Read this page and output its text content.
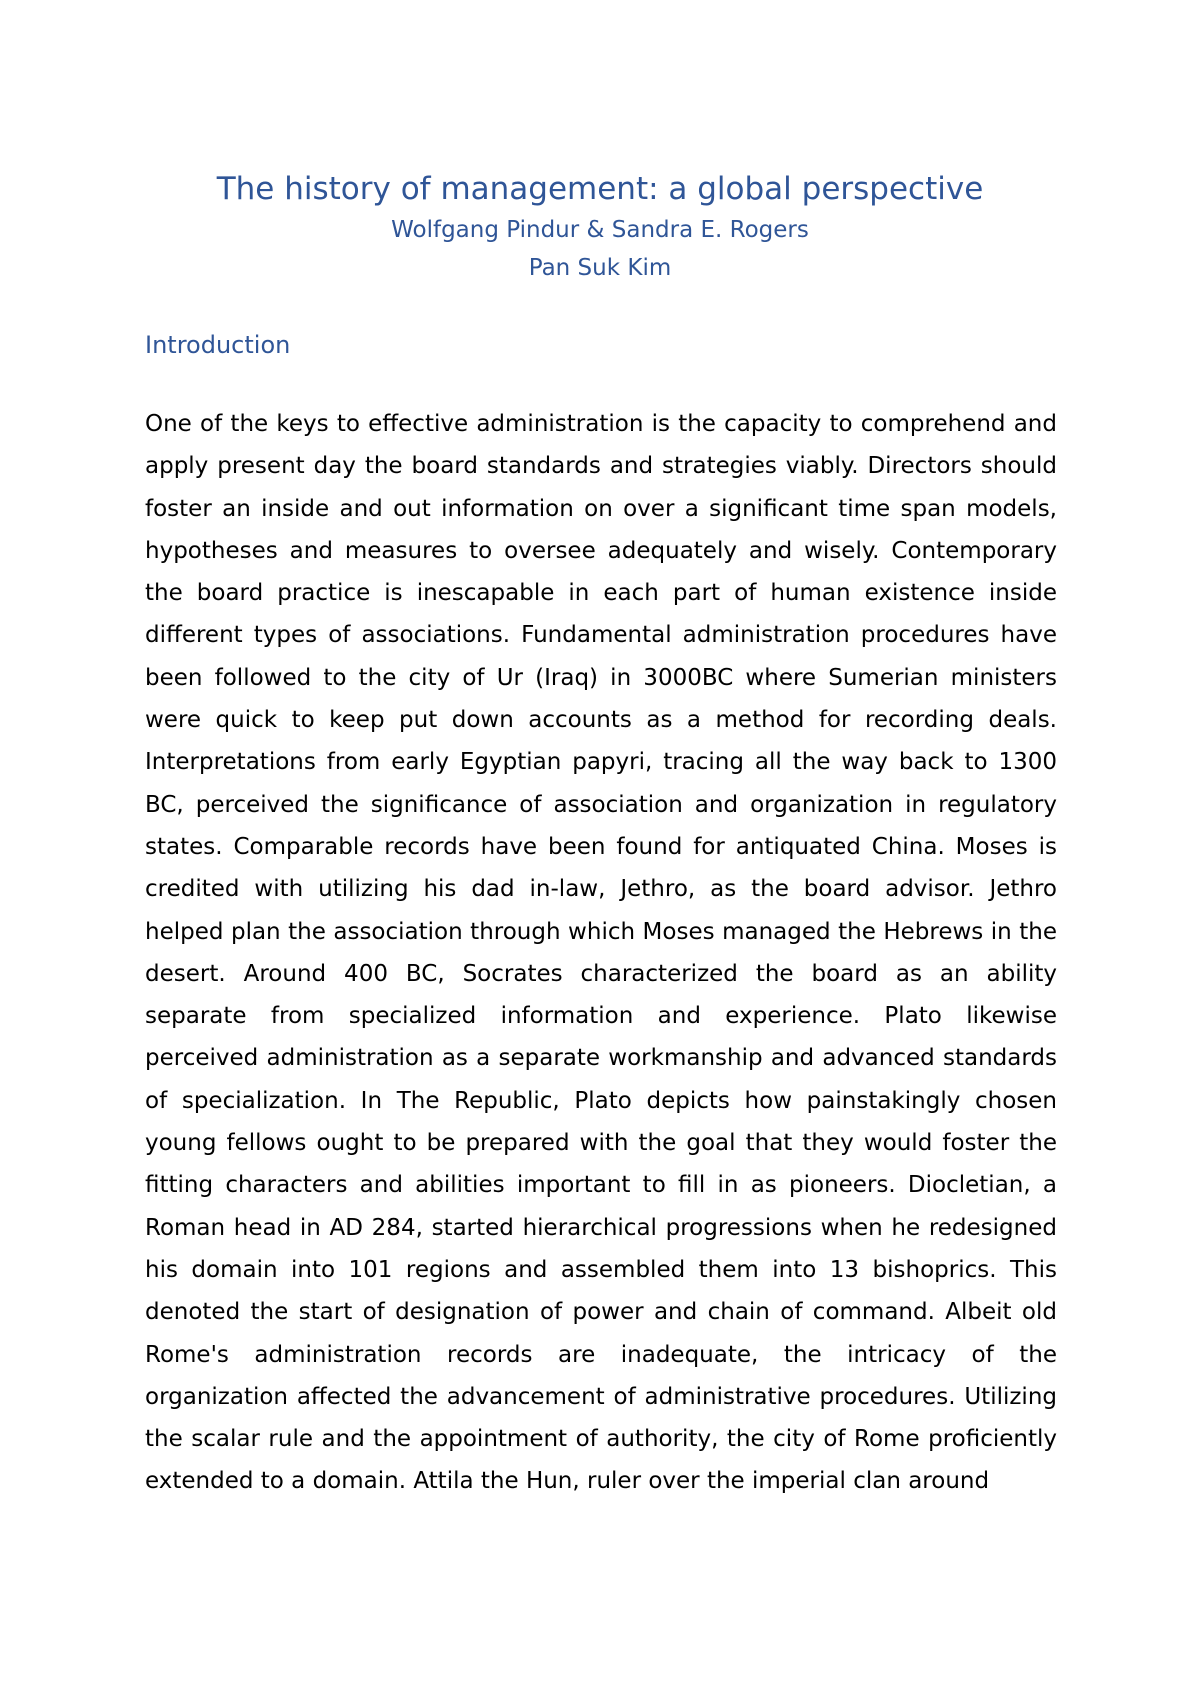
The history of management: a global perspective

Wolfgang Pindur & Sandra E. Rogers

Pan Suk Kim

Introduction

One of the keys to effective administration is the capacity to comprehend and apply present day the board standards and strategies viably. Directors should foster an inside and out information on over a significant time span models, hypotheses and measures to oversee adequately and wisely. Contemporary the board practice is inescapable in each part of human existence inside different types of associations. Fundamental administration procedures have been followed to the city of Ur (Iraq) in 3000BC where Sumerian ministers were quick to keep put down accounts as a method for recording deals. Interpretations from early Egyptian papyri, tracing all the way back to 1300 BC, perceived the significance of association and organization in regulatory states. Comparable records have been found for antiquated China. Moses is credited with utilizing his dad in-law, Jethro, as the board advisor. Jethro helped plan the association through which Moses managed the Hebrews in the desert. Around 400 BC, Socrates characterized the board as an ability separate from specialized information and experience. Plato likewise perceived administration as a separate workmanship and advanced standards of specialization. In The Republic, Plato depicts how painstakingly chosen young fellows ought to be prepared with the goal that they would foster the fitting characters and abilities important to fill in as pioneers. Diocletian, a Roman head in AD 284, started hierarchical progressions when he redesigned his domain into 101 regions and assembled them into 13 bishoprics. This denoted the start of designation of power and chain of command. Albeit old Rome's administration records are inadequate, the intricacy of the organization affected the advancement of administrative procedures. Utilizing the scalar rule and the appointment of authority, the city of Rome proficiently extended to a domain. Attila the Hun, ruler over the imperial clan around
